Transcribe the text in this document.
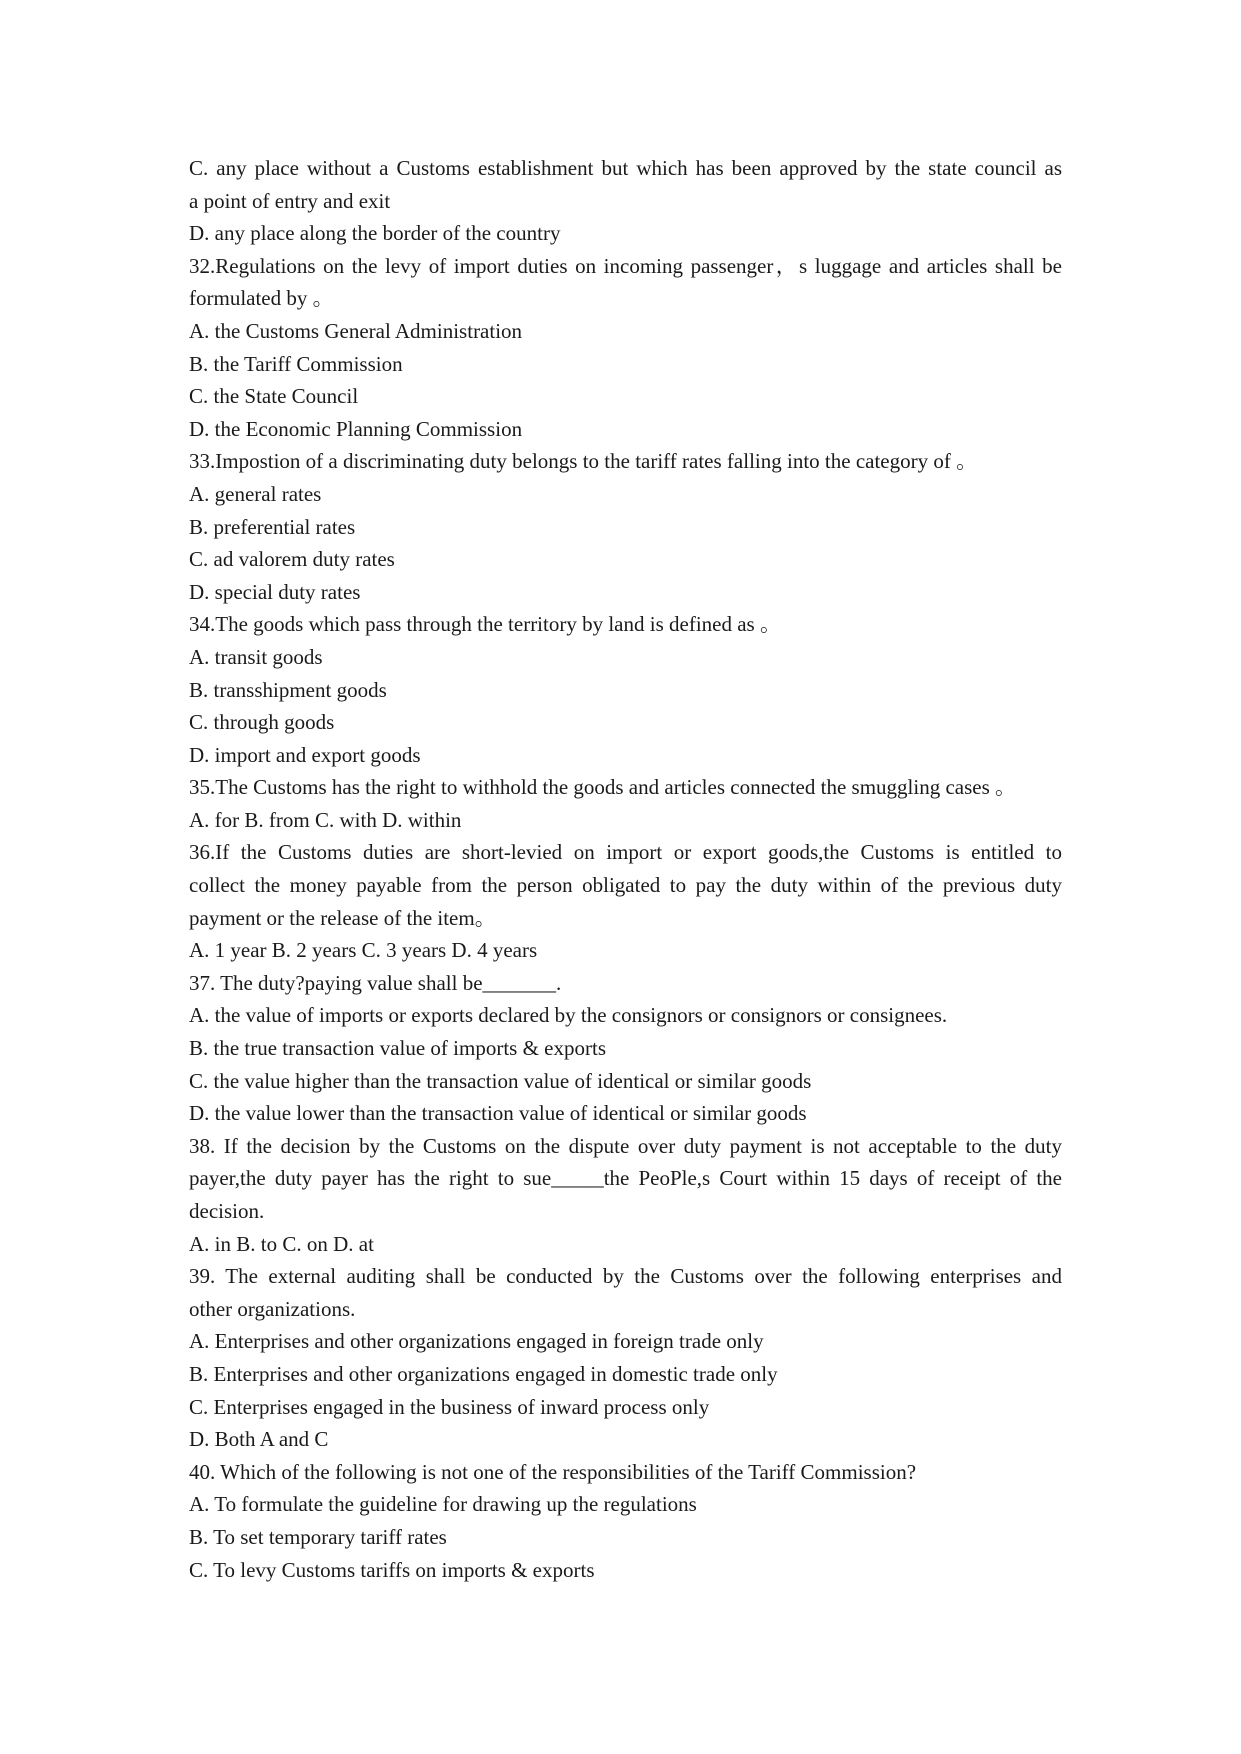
C. any place without a Customs establishment but which has been approved by the state council as
a point of entry and exit
D. any place along the border of the country
32.Regulations on the levy of import duties on incoming passenger，s luggage and articles shall be
formulated by 。
A. the Customs General Administration
B. the Tariff Commission
C. the State Council
D. the Economic Planning Commission
33.Impostion of a discriminating duty belongs to the tariff rates falling into the category of 。
A. general rates
B. preferential rates
C. ad valorem duty rates
D. special duty rates
34.The goods which pass through the territory by land is defined as 。
A. transit goods
B. transshipment goods
C. through goods
D. import and export goods
35.The Customs has the right to withhold the goods and articles connected the smuggling cases 。
A. for B. from C. with D. within
36.If the Customs duties are short-levied on import or export goods,the Customs is entitled to
collect the money payable from the person obligated to pay the duty within of the previous duty
payment or the release of the item。
A. 1 year B. 2 years C. 3 years D. 4 years
37. The duty?paying value shall be_______.
A. the value of imports or exports declared by the consignors or consignors or consignees.
B. the true transaction value of imports & exports
C. the value higher than the transaction value of identical or similar goods
D. the value lower than the transaction value of identical or similar goods
38. If the decision by the Customs on the dispute over duty payment is not acceptable to the duty
payer,the duty payer has the right to sue_____the PeoPle,s Court within 15 days of receipt of the
decision.
A. in B. to C. on D. at
39. The external auditing shall be conducted by the Customs over the following enterprises and
other organizations.
A. Enterprises and other organizations engaged in foreign trade only
B. Enterprises and other organizations engaged in domestic trade only
C. Enterprises engaged in the business of inward process only
D. Both A and C
40. Which of the following is not one of the responsibilities of the Tariff Commission?
A. To formulate the guideline for drawing up the regulations
B. To set temporary tariff rates
C. To levy Customs tariffs on imports & exports
